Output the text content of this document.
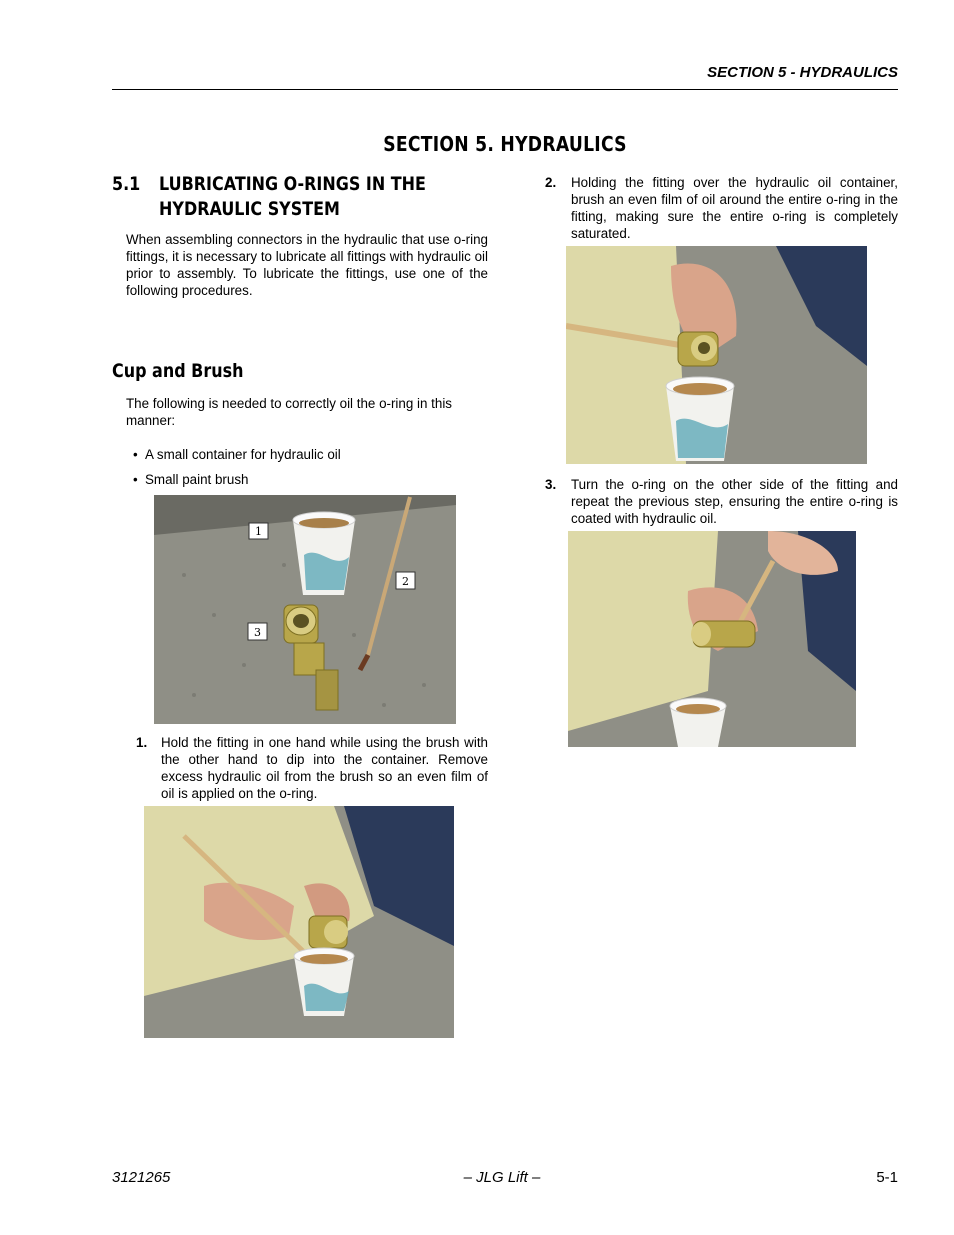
SECTION 5 - HYDRAULICS
SECTION 5. HYDRAULICS
5.1 LUBRICATING O-RINGS IN THE
HYDRAULIC SYSTEM
When assembling connectors in the hydraulic that use o-ring fittings, it is necessary to lubricate all fittings with hydraulic oil prior to assembly. To lubricate the fittings, use one of the following procedures.
Cup and Brush
The following is needed to correctly oil the o-ring in this manner:
• A small container for hydraulic oil
• Small paint brush
1
2
3
1. Hold the fitting in one hand while using the brush with the other hand to dip into the container. Remove excess hydraulic oil from the brush so an even film of oil is applied on the o-ring.
2. Holding the fitting over the hydraulic oil container, brush an even film of oil around the entire o-ring in the fitting, making sure the entire o-ring is completely saturated.
3. Turn the o-ring on the other side of the fitting and repeat the previous step, ensuring the entire o-ring is coated with hydraulic oil.
3121265	– JLG Lift –	5-1
